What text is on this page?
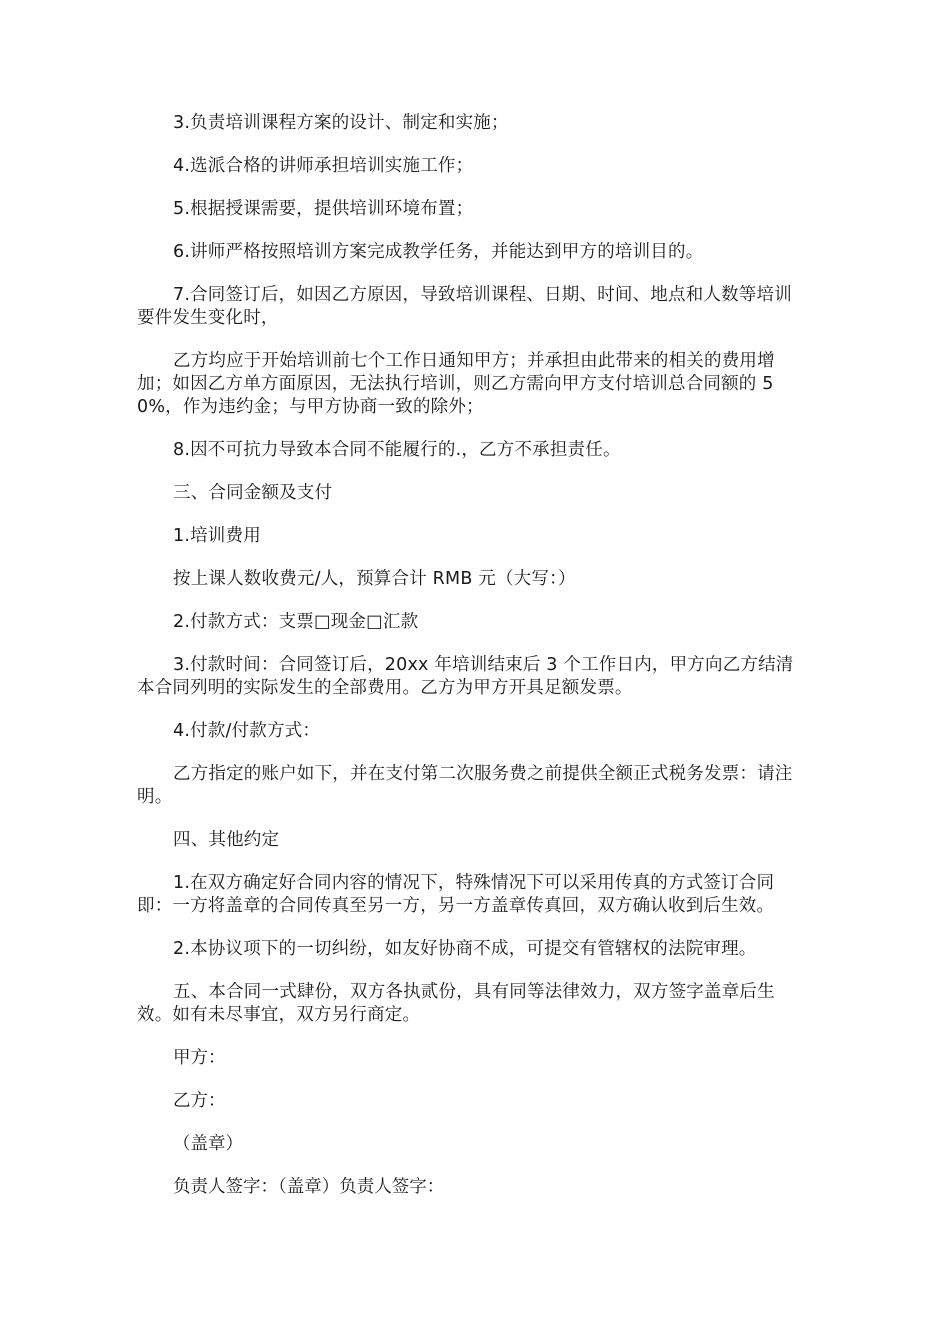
3.负责培训课程方案的设计、制定和实施；

4.选派合格的讲师承担培训实施工作；

5.根据授课需要，提供培训环境布置；

6.讲师严格按照培训方案完成教学任务，并能达到甲方的培训目的。

7.合同签订后，如因乙方原因，导致培训课程、日期、时间、地点和人数等培训要件发生变化时，

乙方均应于开始培训前七个工作日通知甲方；并承担由此带来的相关的费用增加；如因乙方单方面原因，无法执行培训，则乙方需向甲方支付培训总合同额的 50%，作为违约金；与甲方协商一致的除外；

8.因不可抗力导致本合同不能履行的.，乙方不承担责任。

三、合同金额及支付

1.培训费用

按上课人数收费元/人，预算合计 RMB 元（大写：）

2.付款方式：支票□现金□汇款

3.付款时间：合同签订后，20xx 年培训结束后 3 个工作日内，甲方向乙方结清本合同列明的实际发生的全部费用。乙方为甲方开具足额发票。

4.付款/付款方式：

乙方指定的账户如下，并在支付第二次服务费之前提供全额正式税务发票：请注明。

四、其他约定

1.在双方确定好合同内容的情况下，特殊情况下可以采用传真的方式签订合同即：一方将盖章的合同传真至另一方，另一方盖章传真回，双方确认收到后生效。

2.本协议项下的一切纠纷，如友好协商不成，可提交有管辖权的法院审理。

五、本合同一式肆份，双方各执贰份，具有同等法律效力，双方签字盖章后生效。如有未尽事宜，双方另行商定。

甲方：

乙方：

（盖章）

负责人签字：（盖章）负责人签字：
